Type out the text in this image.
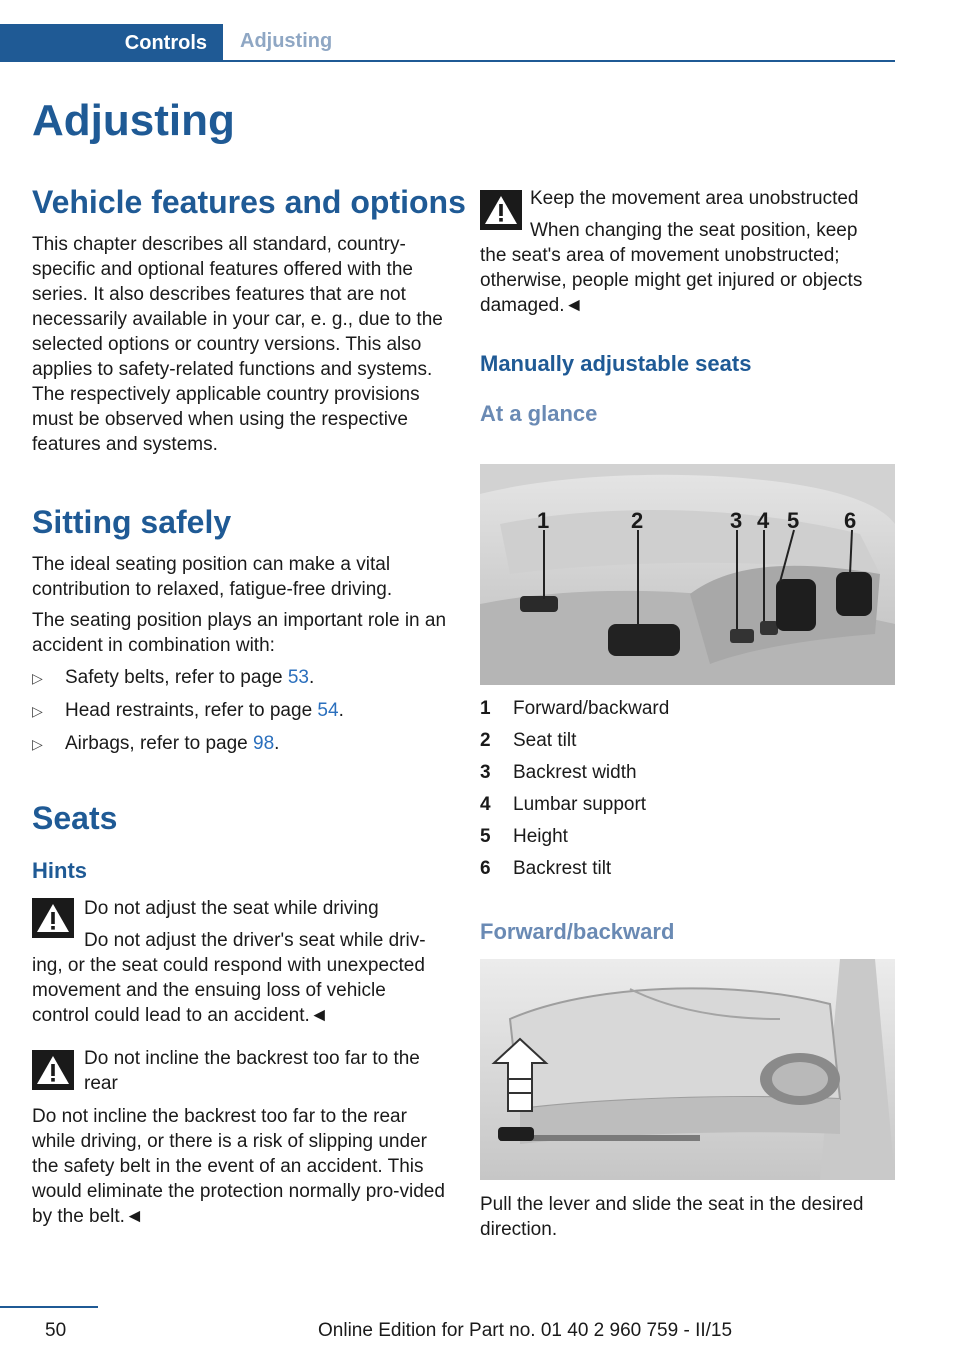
Controls	Adjusting
Adjusting
Vehicle features and options

This chapter describes all standard, country-specific and optional features offered with the series. It also describes features that are not necessarily available in your car, e. g., due to the selected options or country versions. This also applies to safety-related functions and systems. The respectively applicable country provisions must be observed when using the respective features and systems.

Sitting safely

The ideal seating position can make a vital contribution to relaxed, fatigue-free driving.

The seating position plays an important role in an accident in combination with:

▷	Safety belts, refer to page 53.
▷	Head restraints, refer to page 54.
▷	Airbags, refer to page 98.
Seats
Hints
Do not adjust the seat while driving
Do not adjust the driver's seat while driv-

ing, or the seat could respond with unexpected movement and the ensuing loss of vehicle control could lead to an accident.◄

Do not incline the backrest too far to the rear

Do not incline the backrest too far to the rear while driving, or there is a risk of slipping under the safety belt in the event of an accident. This would eliminate the protection normally pro-vided by the belt.◄

Keep the movement area unobstructed
When changing the seat position, keep

the seat's area of movement unobstructed; otherwise, people might get injured or objects damaged.◄

Manually adjustable seats
At a glance
1	2	3 4 5 6
1	Forward/backward
2	Seat tilt
3	Backrest width
4	Lumbar support
5	Height
6	Backrest tilt
Forward/backward

Pull the lever and slide the seat in the desired direction.

50	Online Edition for Part no. 01 40 2 960 759 - II/15
